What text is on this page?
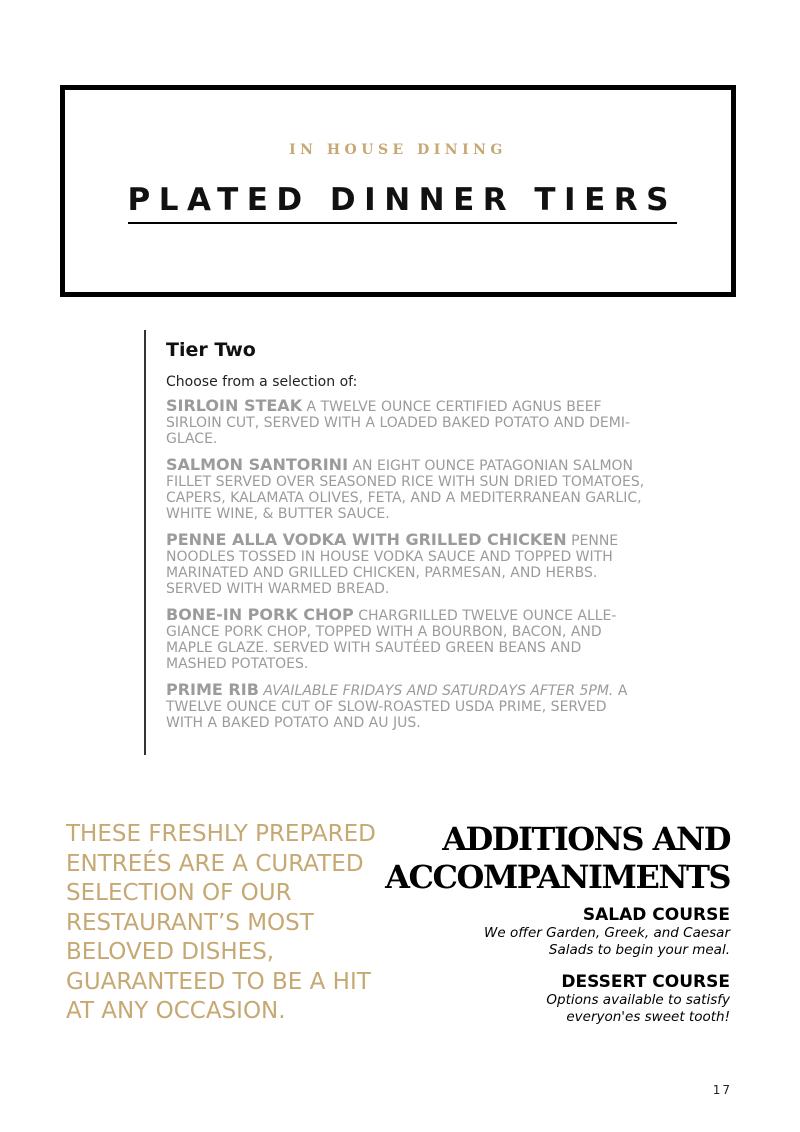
IN HOUSE DINING
PLATED DINNER TIERS
Tier Two
Choose from a selection of:
SIRLOIN STEAK A TWELVE OUNCE CERTIFIED AGNUS BEEF SIRLOIN CUT, SERVED WITH A LOADED BAKED POTATO AND DEMI-GLACE.
SALMON SANTORINI AN EIGHT OUNCE PATAGONIAN SALMON FILLET SERVED OVER SEASONED RICE WITH SUN DRIED TOMATOES, CAPERS, KALAMATA OLIVES, FETA, AND A MEDITERRANEAN GARLIC, WHITE WINE, & BUTTER SAUCE.
PENNE ALLA VODKA WITH GRILLED CHICKEN PENNE NOODLES TOSSED IN HOUSE VODKA SAUCE AND TOPPED WITH MARINATED AND GRILLED CHICKEN, PARMESAN, AND HERBS. SERVED WITH WARMED BREAD.
BONE-IN PORK CHOP CHARGRILLED TWELVE OUNCE ALLE-GIANCE PORK CHOP, TOPPED WITH A BOURBON, BACON, AND MAPLE GLAZE. SERVED WITH SAUTÉED GREEN BEANS AND MASHED POTATOES.
PRIME RIB AVAILABLE FRIDAYS AND SATURDAYS AFTER 5PM. A TWELVE OUNCE CUT OF SLOW-ROASTED USDA PRIME, SERVED WITH A BAKED POTATO AND AU JUS.
THESE FRESHLY PREPARED ENTREÉS ARE A CURATED SELECTION OF OUR RESTAURANT’S MOST BELOVED DISHES, GUARANTEED TO BE A HIT AT ANY OCCASION.
ADDITIONS AND
ACCOMPANIMENTS
SALAD COURSE
We offer Garden, Greek, and Caesar
Salads to begin your meal.
DESSERT COURSE
Options available to satisfy
everyon'es sweet tooth!
17
